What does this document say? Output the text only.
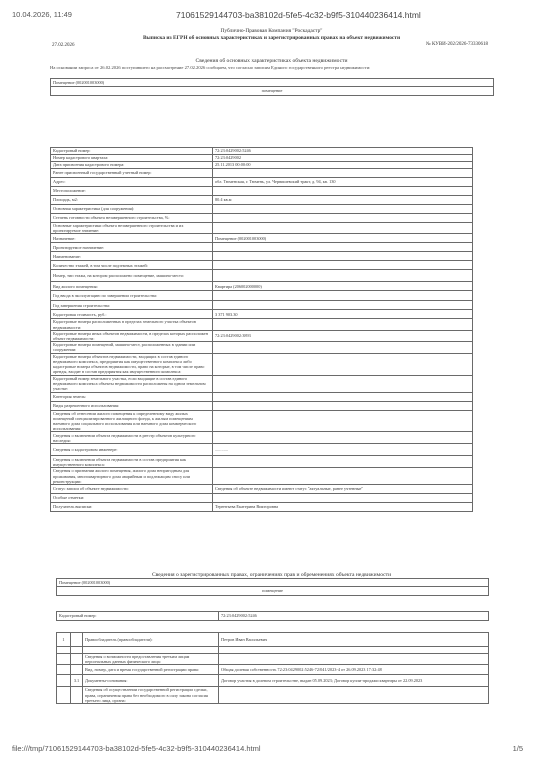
10.04.2026, 11:49	71061529144703-ba38102d-5fe5-4c32-b9f5-310440236414.html
Публично-Правовая Компания "Роскадастр"
Выписка из ЕГРН об основных характеристиках и зарегистрированных правах на объект недвижимости
27.02.2026	№ КУВИ-202/2026-73330618
Сведения об основных характеристиках объекта недвижимости
На основании запроса от 26.02.2026 поступившего на рассмотрение 27.02.2026 сообщаем, что согласно записям Единого государственного реестра недвижимости:
Помещение (002001003000)
помещение
Кадастровый номер:	72:23:0429002:5246
Номер кадастрового квартала:	72:23:0429002
Дата присвоения кадастрового номера:	25.11.2013 00:00:00
Ранее присвоенный государственный учетный номер:	
Адрес:	обл. Тюменская, г. Тюмень, ул. Червишевский тракт, д. 94, кв. 130
Местоположение:	
Площадь, м2:	80.4 кв.м
Основная характеристика (для сооружения):	
Степень готовности объекта незавершенного строительства, %:	
Основные характеристики объекта незавершенного строительства и их проектируемое значение:	
Назначение:	Помещение (002001003000)
Проектируемое назначение:	
Наименование:	
Количество этажей, в том числе подземных этажей:	
Номер, тип этажа, на котором расположено помещение, машино-место:	
Вид жилого помещения:	Квартира (206002000000)
Год ввода в эксплуатацию по завершении строительства:	
Год завершения строительства:	
Кадастровая стоимость, руб.:	3 371 903.30
Кадастровые номера расположенных в пределах земельного участка объектов недвижимости:	
Кадастровые номера иных объектов недвижимости, в пределах которых расположен объект недвижимости:	72:23:0429002:3893
Кадастровые номера помещений, машино-мест, расположенных в здании или сооружении:	
Кадастровые номера объектов недвижимости, входящих в состав единого недвижимого комплекса, предприятия как имущественного комплекса либо кадастровые номера объектов недвижимости, право на которые, в том числе право аренды, входит в состав предприятия как имущественного комплекса:	
Кадастровый номер земельного участка, если входящие в состав единого недвижимого комплекса объекты недвижимости расположены на одном земельном участке:	
Категория земель:	
Виды разрешенного использования:	
Сведения об отнесении жилого помещения к определенному виду жилых помещений специализированного жилищного фонда, к жилым помещениям наемного дома социального использования или наемного дома коммерческого использования:	
Сведения о включении объекта недвижимости в реестр объектов культурного наследия:	
Сведения о кадастровом инженере:	............
Сведения о включении объекта недвижимости в состав предприятия как имущественного комплекса:	
Сведения о признании жилого помещения, жилого дома непригодным для проживания, многоквартирного дома аварийным и подлежащим сносу или реконструкции:	
Статус записи об объекте недвижимости:	Сведения об объекте недвижимости имеют статус "актуальные, ранее учтенные"
Особые отметки:	
Получатель выписки:	Терентьева Екатерина Викторовна
Сведения о зарегистрированных правах, ограничениях прав и обременениях объекта недвижимости
Помещение (002001003000)
помещение
Кадастровый номер:	72:23:0429002:5246
1		Правообладатель (правообладатели):	Петров Иван Васильевич

		Сведения о возможности предоставления третьим лицам персональных данных физического лица:	
		Вид, номер, дата и время государственной регистрации права:	Общая долевая собственность 72:23:0429002:5246-72/041/2023-4 от 26.09.2023 17:32:48
	3.1	Документы-основания:	Договор участия в долевом строительстве, выдан 05.09.2023; Договор купли-продажи квартиры от 22.09.2023
		Сведения об осуществлении государственной регистрации сделки, права, ограничения права без необходимого в силу закона согласия третьего лица, органа:	
file:///tmp/71061529144703-ba38102d-5fe5-4c32-b9f5-310440236414.html	1/5
